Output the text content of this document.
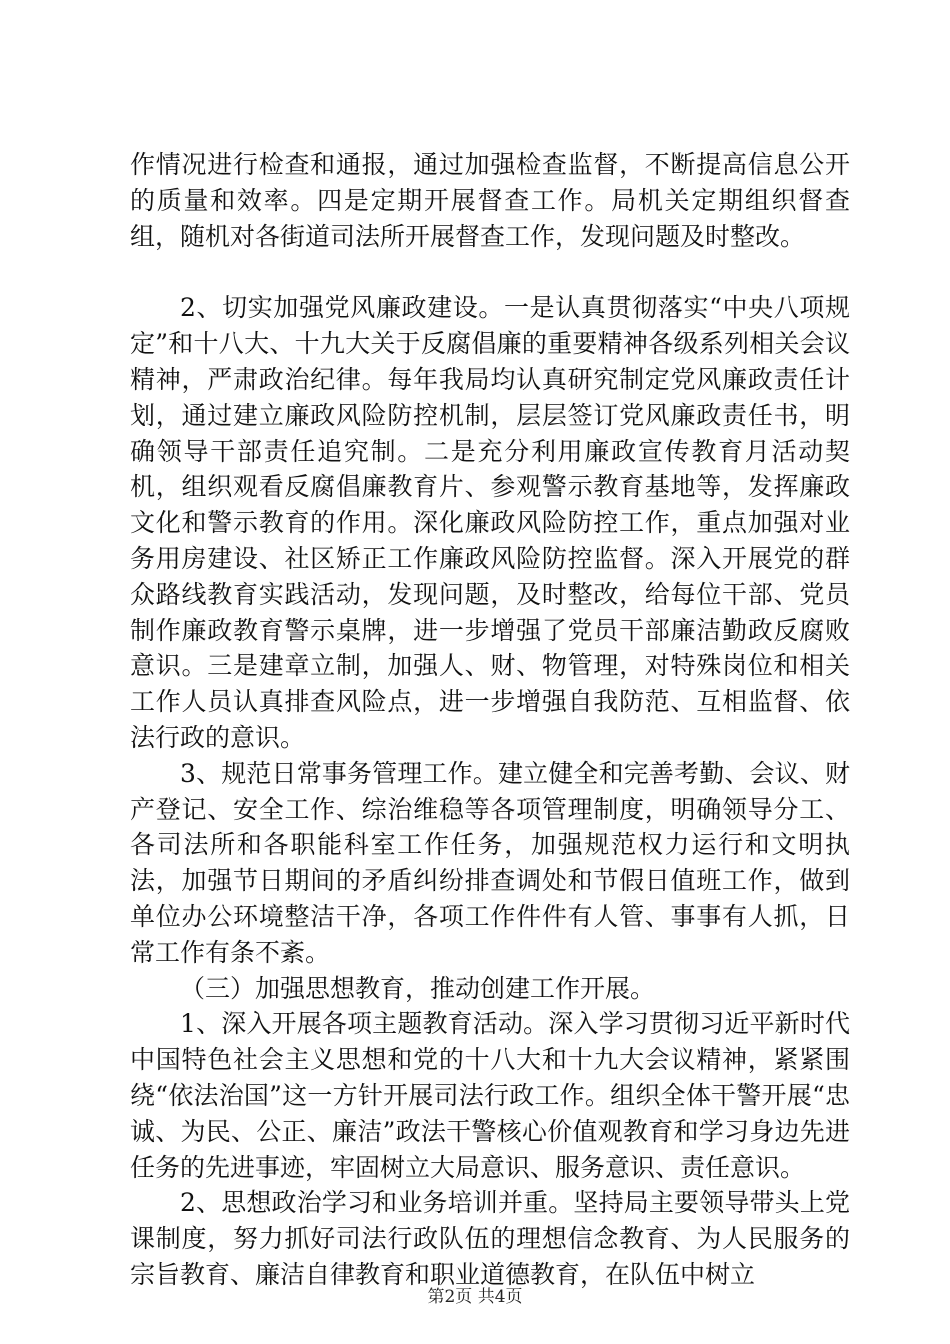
作情况进行检查和通报，通过加强检查监督，不断提高信息公开的质量和效率。四是定期开展督查工作。局机关定期组织督查组，随机对各街道司法所开展督查工作，发现问题及时整改。

2、切实加强党风廉政建设。一是认真贯彻落实“中央八项规定”和十八大、十九大关于反腐倡廉的重要精神各级系列相关会议精神，严肃政治纪律。每年我局均认真研究制定党风廉政责任计划，通过建立廉政风险防控机制，层层签订党风廉政责任书，明确领导干部责任追究制。二是充分利用廉政宣传教育月活动契机，组织观看反腐倡廉教育片、参观警示教育基地等，发挥廉政文化和警示教育的作用。深化廉政风险防控工作，重点加强对业务用房建设、社区矫正工作廉政风险防控监督。深入开展党的群众路线教育实践活动，发现问题，及时整改，给每位干部、党员制作廉政教育警示桌牌，进一步增强了党员干部廉洁勤政反腐败意识。三是建章立制，加强人、财、物管理，对特殊岗位和相关工作人员认真排查风险点，进一步增强自我防范、互相监督、依法行政的意识。

3、规范日常事务管理工作。建立健全和完善考勤、会议、财产登记、安全工作、综治维稳等各项管理制度，明确领导分工、各司法所和各职能科室工作任务，加强规范权力运行和文明执法，加强节日期间的矛盾纠纷排查调处和节假日值班工作，做到单位办公环境整洁干净，各项工作件件有人管、事事有人抓，日常工作有条不紊。

（三）加强思想教育，推动创建工作开展。

1、深入开展各项主题教育活动。深入学习贯彻习近平新时代中国特色社会主义思想和党的十八大和十九大会议精神，紧紧围绕“依法治国”这一方针开展司法行政工作。组织全体干警开展“忠诚、为民、公正、廉洁”政法干警核心价值观教育和学习身边先进任务的先进事迹，牢固树立大局意识、服务意识、责任意识。

2、思想政治学习和业务培训并重。坚持局主要领导带头上党课制度，努力抓好司法行政队伍的理想信念教育、为人民服务的宗旨教育、廉洁自律教育和职业道德教育，在队伍中树立

第2页 共4页
